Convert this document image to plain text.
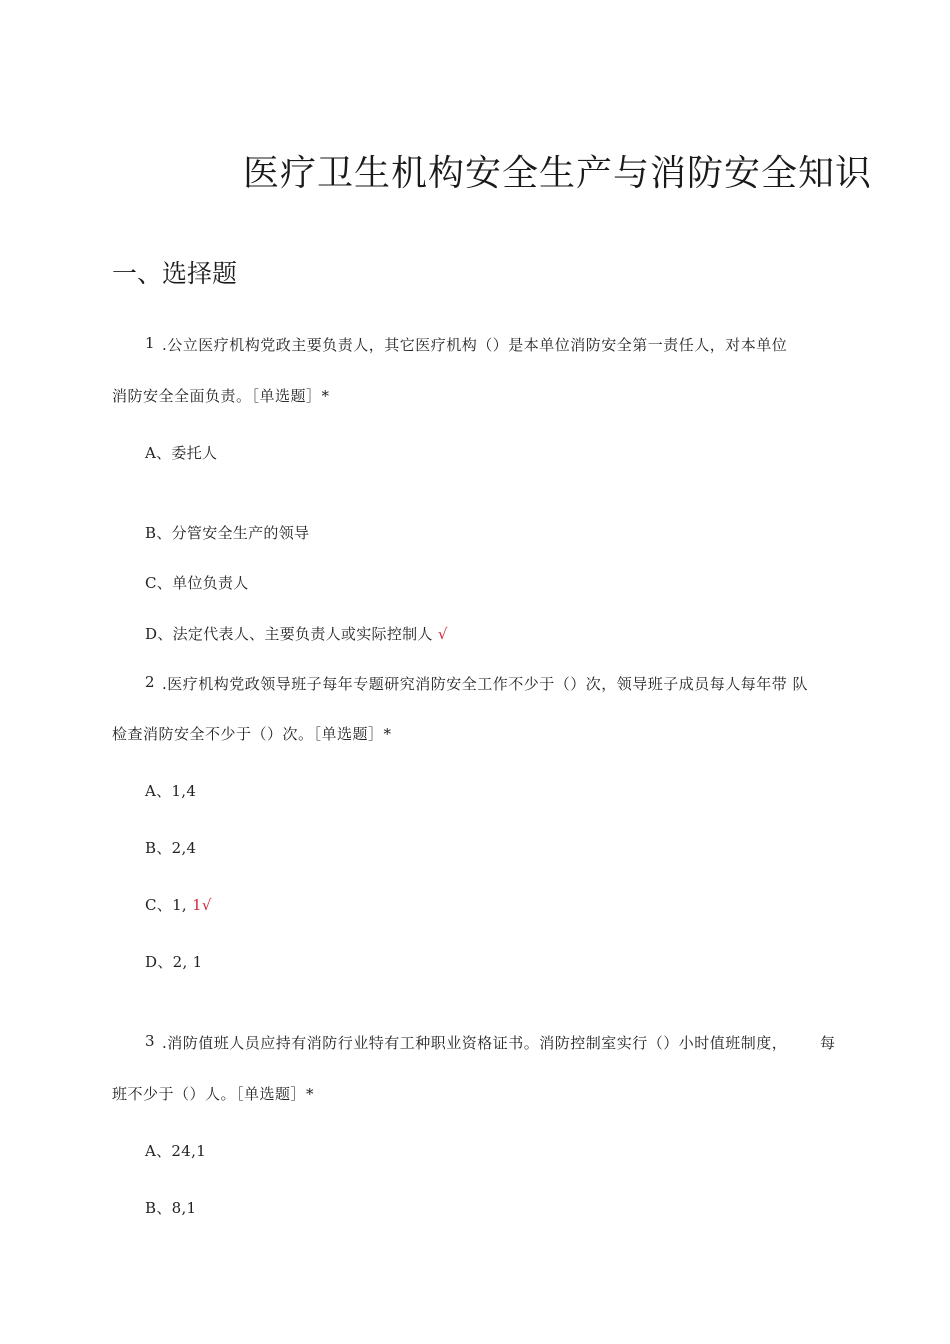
医疗卫生机构安全生产与消防安全知识
一、选择题
1 .公立医疗机构党政主要负责人，其它医疗机构（）是本单位消防安全第一责任人，对本单位
消防安全全面负责。［单选题］*
A、委托人
B、分管安全生产的领导
C、单位负责人
D、法定代表人、主要负责人或实际控制人 √
2 .医疗机构党政领导班子每年专题研究消防安全工作不少于（）次，领导班子成员每人每年带 队
检查消防安全不少于（）次。［单选题］*
A、1,4
B、2,4
C、1, 1√
D、2, 1
3 .消防值班人员应持有消防行业特有工种职业资格证书。消防控制室实行（）小时值班制度， 每
班不少于（）人。［单选题］*
A、24,1
B、8,1
